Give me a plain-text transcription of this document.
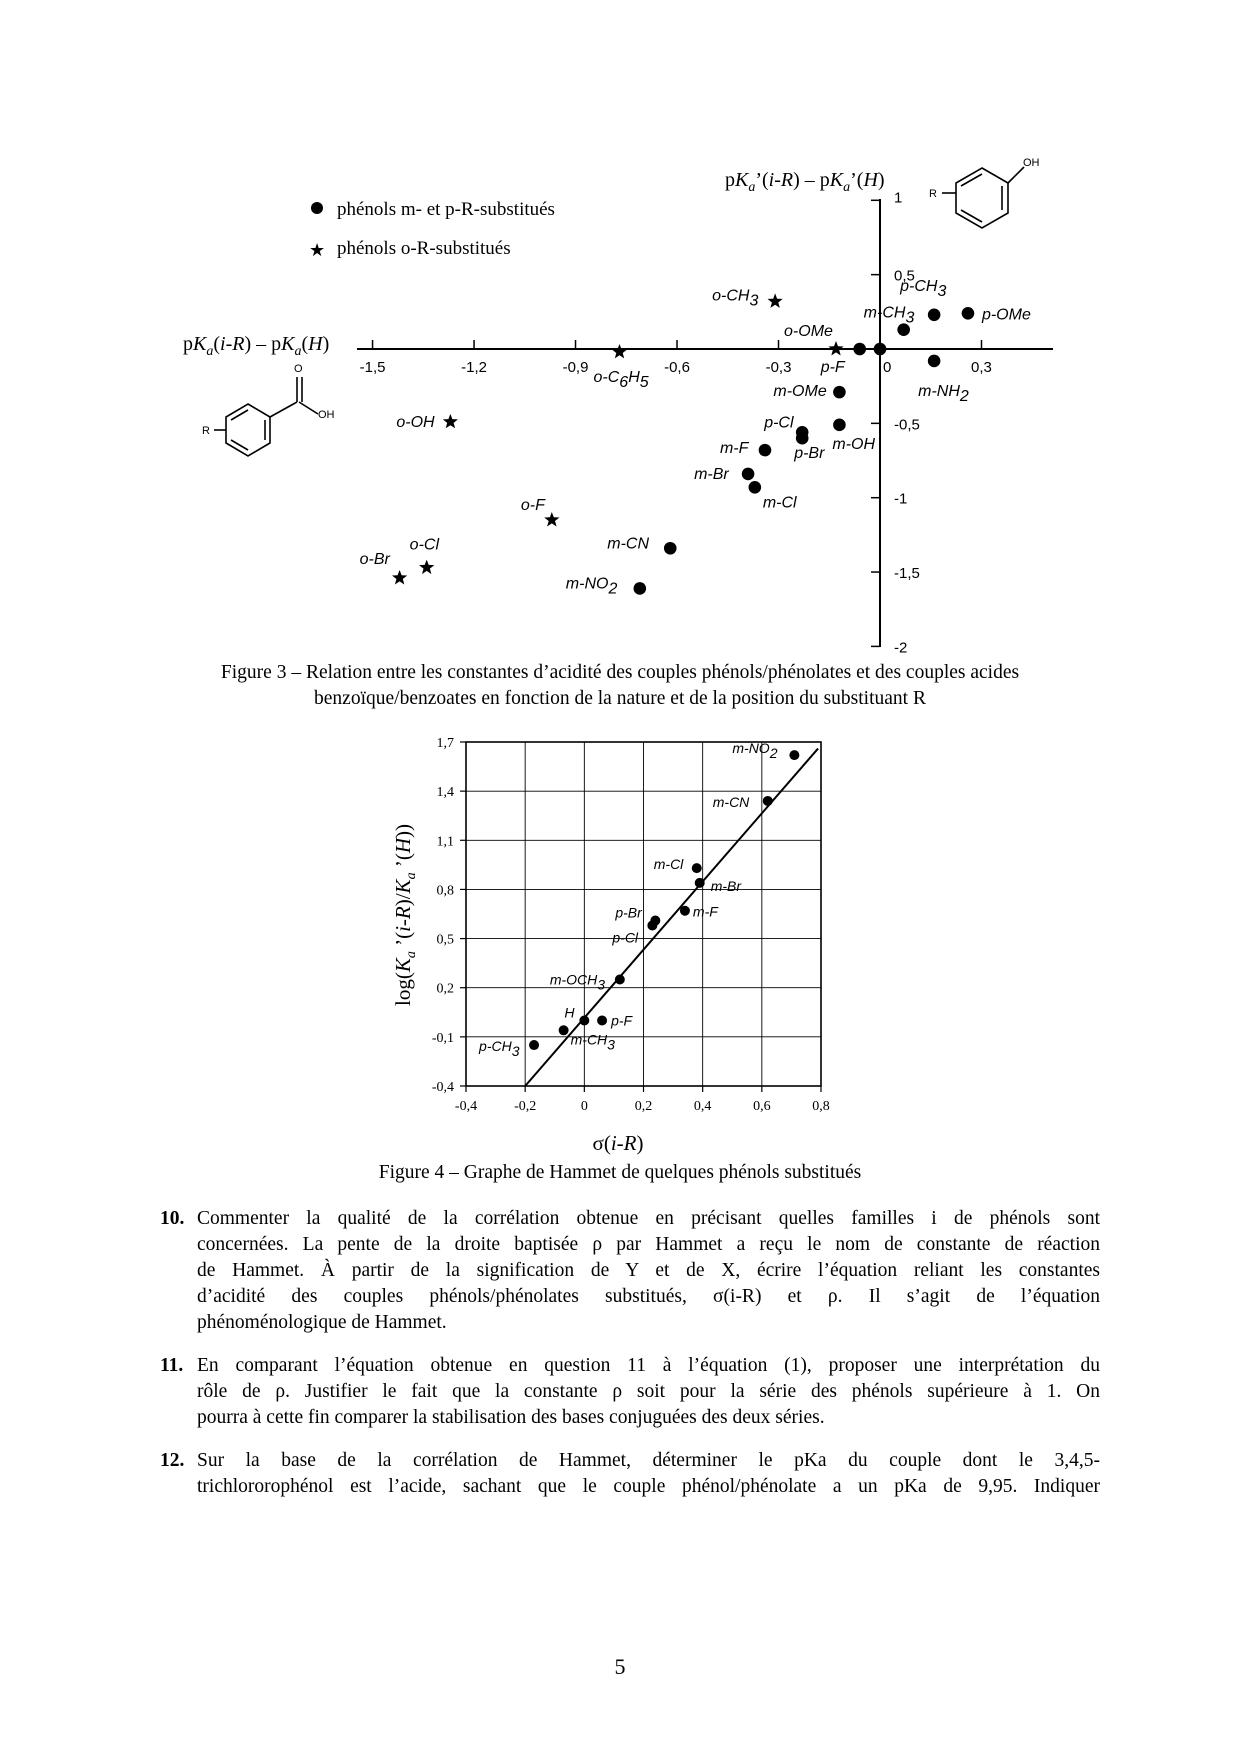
phénols m- et p-R-substitués
★ phénols o-R-substitués
-1,5	-1,2	-0,9	-0,6	-0,3	0	0,3
-2
-1,5
-1
-0,5
0,5
1
$pK_a’(i-R)$ – $pK_a’(H)$
$pK_a(i-R) - pK_a(H)$
OH
R
O
OH
R
p-CH3
m-CH3	p-OMe
p-F
m-NH2
m-OMe
p-Cl
m-OH
p-Br
m-F
m-Br
m-Cl
m-CN
m-NO2
o-CH3
o-OMe
o-C6H5
o-OH
o-F
o-Cl
o-Br
Figure 3 – Relation entre les constantes d’acidité des couples phénols/phénolates et des couples acides
benzoïque/benzoates en fonction de la nature et de la position du substituant R
-0,4	-0,2	0	0,2	0,4	0,6	0,8
-0,4
-0,1
0,2
0,5
0,8
1,1
1,4
1,7
p-CH3
m-CH3
H	p-F
m-OCH3
p-Cl
p-Br	m-F
m-Br
m-Cl
m-CN
m-NO2
$\log(K_a$ $’(i-R)/K_a$ ’(H))
σ(i-R)
Figure 4 – Graphe de Hammet de quelques phénols substitués
10. Commenter la qualité de la corrélation obtenue en précisant quelles familles i de phénols sont
concernées. La pente de la droite baptisée ρ par Hammet a reçu le nom de constante de réaction
de Hammet. À partir de la signification de Y et de X, écrire l’équation reliant les constantes
d’acidité des couples phénols/phénolates substitués, σ(i-R) et ρ. Il s’agit de l’équation
phénoménologique de Hammet.
11. En comparant l’équation obtenue en question 11 à l’équation (1), proposer une interprétation du
rôle de ρ. Justifier le fait que la constante ρ soit pour la série des phénols supérieure à 1. On
pourra à cette fin comparer la stabilisation des bases conjuguées des deux séries.
12. Sur la base de la corrélation de Hammet, déterminer le pKa du couple dont le 3,4,5-
trichlororophénol est l’acide, sachant que le couple phénol/phénolate a un pKa de 9,95. Indiquer
5
